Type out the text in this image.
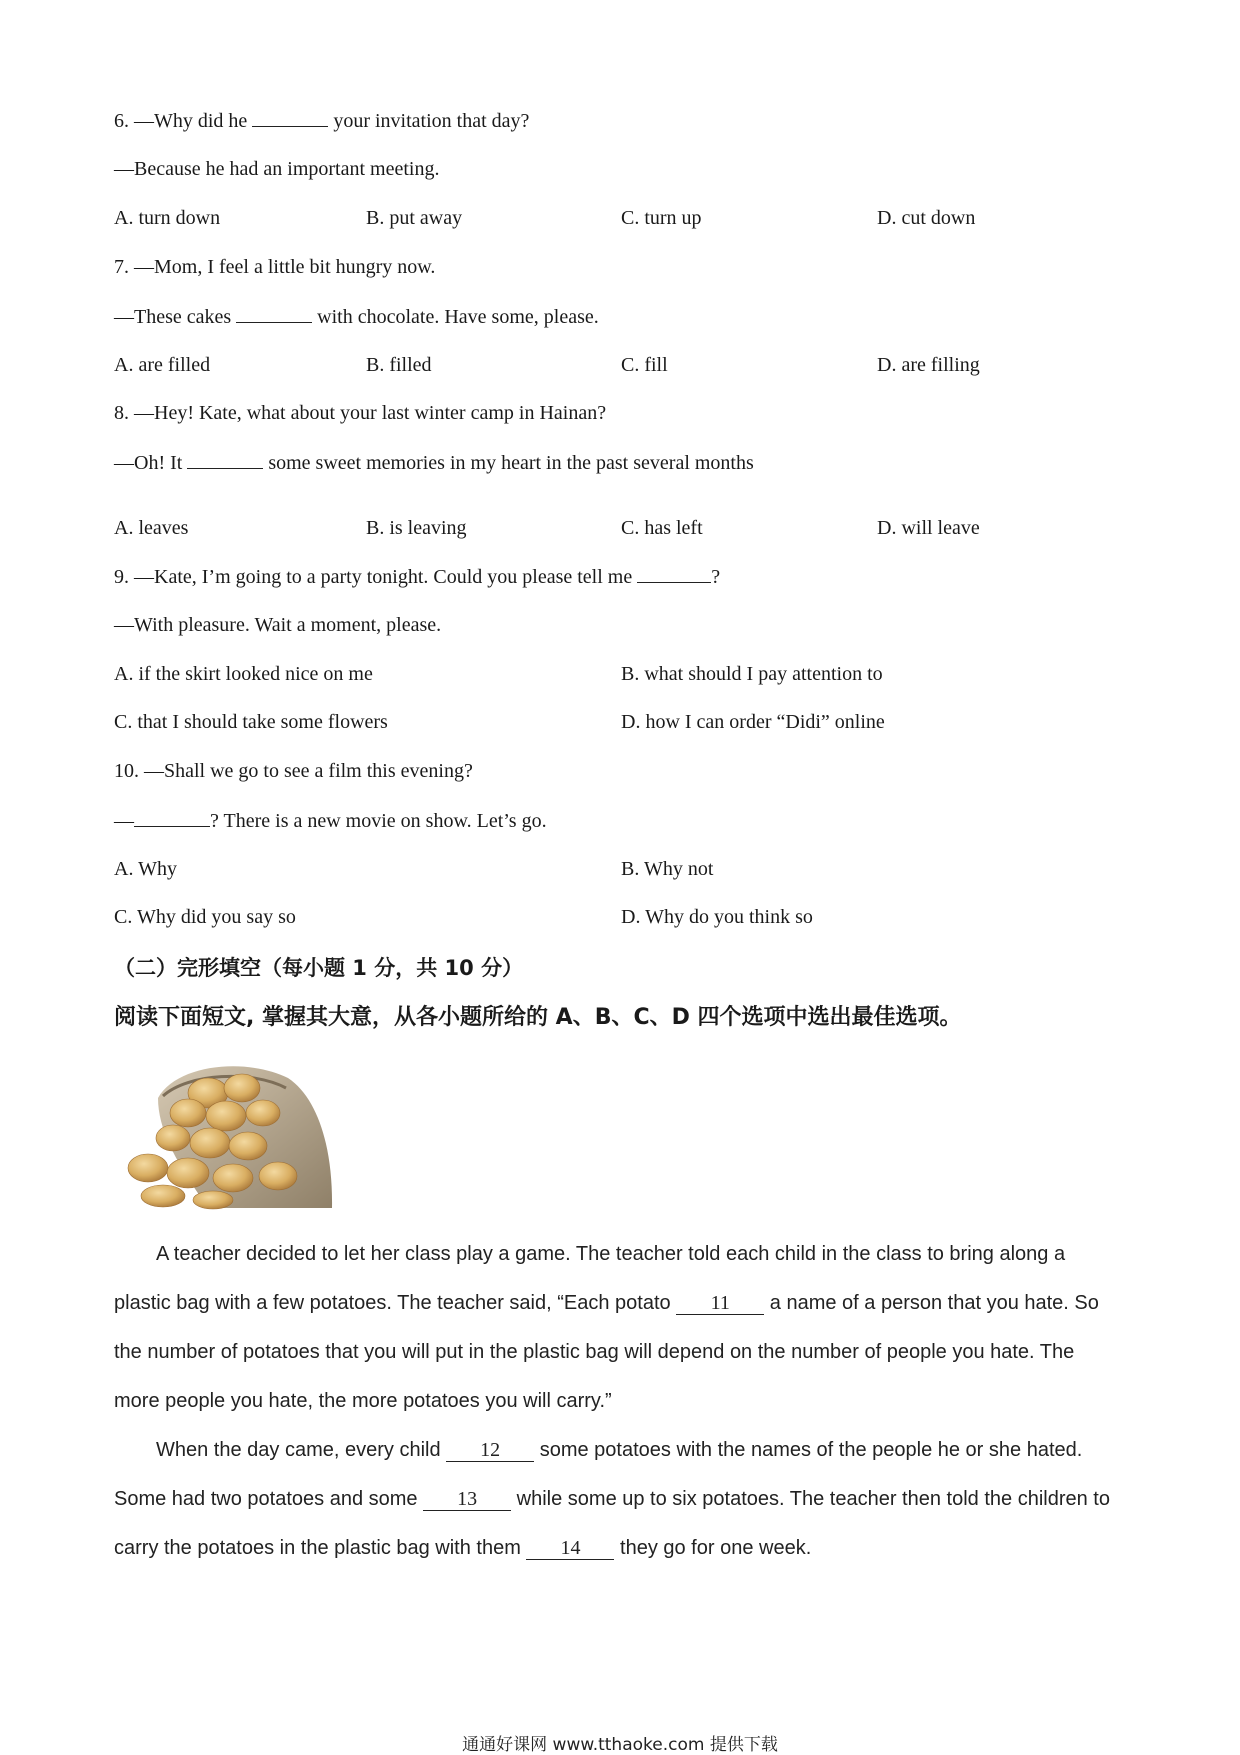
6. —Why did he	your invitation that day?
—Because he had an important meeting.
A. turn down	B. put away	C. turn up	D. cut down
7. —Mom, I feel a little bit hungry now.
—These cakes	with chocolate. Have some, please.
A. are filled	B. filled	C. fill	D. are filling
8. —Hey! Kate, what about your last winter camp in Hainan?
—Oh! It	some sweet memories in my heart in the past several months
A. leaves	B. is leaving	C. has left	D. will leave
9. —Kate, I’m going to a party tonight. Could you please tell me	?
—With pleasure. Wait a moment, please.
A. if the skirt looked nice on me	B. what should I pay attention to
C. that I should take some flowers	D. how I can order “Didi” online
10. —Shall we go to see a film this evening?
—	? There is a new movie on show. Let’s go.
A. Why	B. Why not
C. Why did you say so	D. Why do you think so
（二）完形填空（每小题 1 分，共 10 分）
阅读下面短文, 掌握其大意，从各小题所给的 A、B、C、D 四个选项中选出最佳选项。
A teacher decided to let her class play a game. The teacher told each child in the class to bring along a plastic bag with a few potatoes. The teacher said, “Each potato 11 a name of a person that you hate. So the number of potatoes that you will put in the plastic bag will depend on the number of people you hate. The more people you hate, the more potatoes you will carry.”
When the day came, every child 12 some potatoes with the names of the people he or she hated. Some had two potatoes and some 13 while some up to six potatoes. The teacher then told the children to carry the potatoes in the plastic bag with them 14 they go for one week.
通通好课网 www.tthaoke.com 提供下载
